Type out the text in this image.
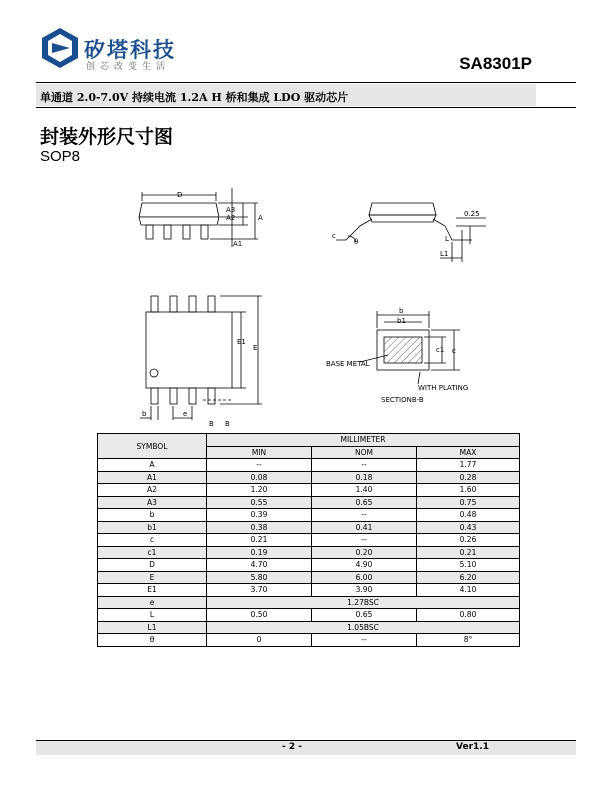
矽塔科技
创芯改变生活	SA8301P
单通道 2.0-7.0V 持续电流 1.2A H 桥和集成 LDO 驱动芯片
封装外形尺寸图
SOP8
D
A3
A2	A
A1
c
θ
0.25
L
L1
E1
E
b	e
B B
b
b1
c1 c
BASE METAL
WITH PLATING
SECTIONB-B
SYMBOL	MILLIMETER		
	MIN	NOM	MAX
A	--	--	1.77
A1	0.08	0.18	0.28
A2	1.20	1.40	1.60
A3	0.55	0.65	0.75
b	0.39	--	0.48
b1	0.38	0.41	0.43
c	0.21	--	0.26
c1	0.19	0.20	0.21
D	4.70	4.90	5.10
E	5.80	6.00	6.20
E1	3.70	3.90	4.10
e	1.27BSC		
L	0.50	0.65	0.80
L1	1.05BSC		
θ	0	--	8°
- 2 -	Ver1.1
